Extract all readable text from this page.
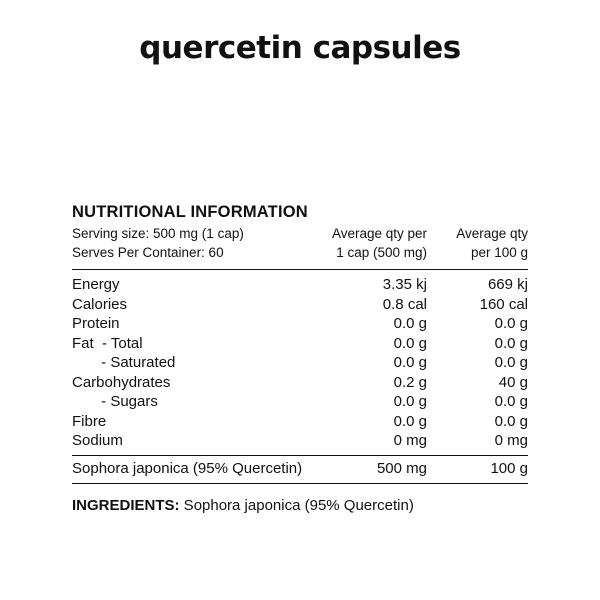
quercetin capsules
NUTRITIONAL INFORMATION
Serving size: 500 mg (1 cap)	Average qty per	Average qty
Serves Per Container: 60	1 cap (500 mg)	per 100 g
Energy	3.35 kj	669 kj
Calories	0.8 cal	160 cal
Protein	0.0 g	0.0 g
Fat  - Total	0.0 g	0.0 g
- Saturated	0.0 g	0.0 g
Carbohydrates	0.2 g	40 g
- Sugars	0.0 g	0.0 g
Fibre	0.0 g	0.0 g
Sodium	0 mg	0 mg
Sophora japonica (95% Quercetin)	500 mg	100 g
INGREDIENTS: Sophora japonica (95% Quercetin)
